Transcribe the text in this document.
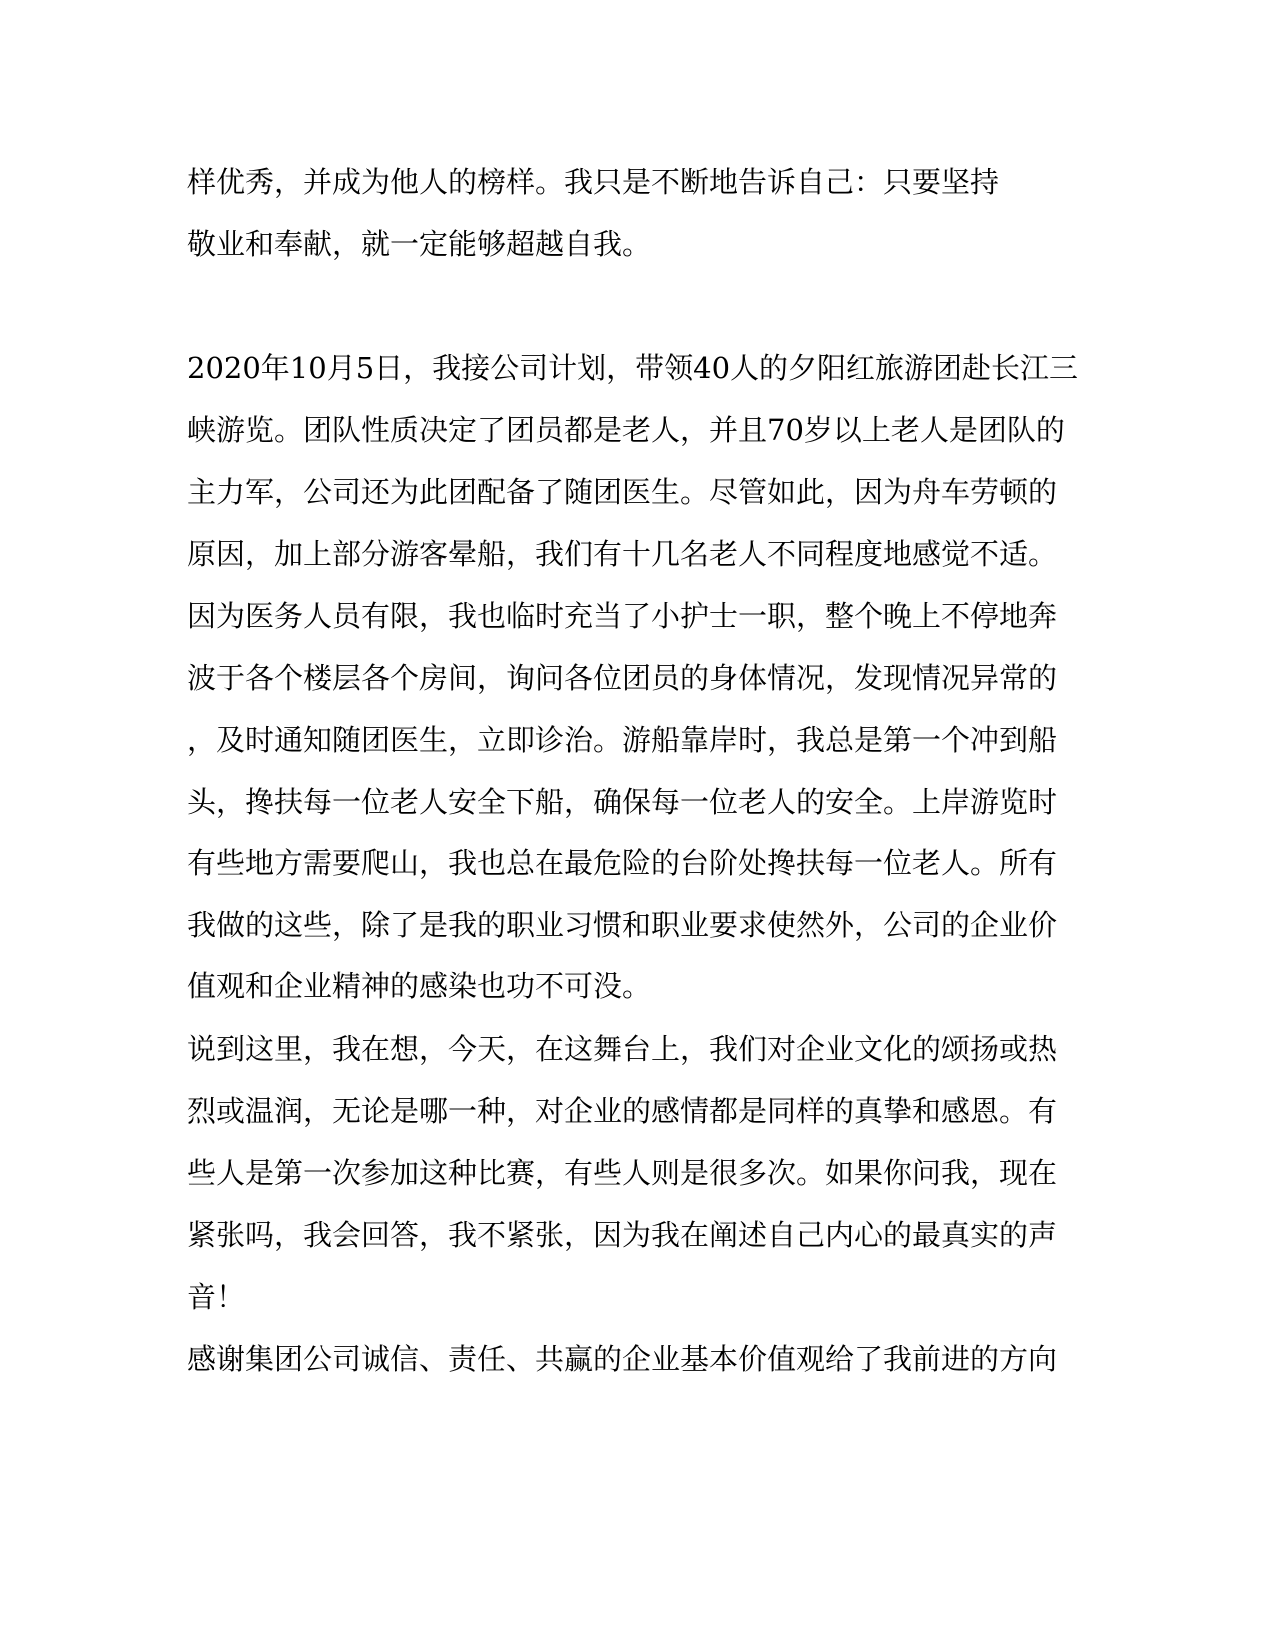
样优秀，并成为他人的榜样。我只是不断地告诉自己：只要坚持
敬业和奉献，就一定能够超越自我。
2020年10月5日，我接公司计划，带领40人的夕阳红旅游团赴长江三
峡游览。团队性质决定了团员都是老人，并且70岁以上老人是团队的
主力军，公司还为此团配备了随团医生。尽管如此，因为舟车劳顿的
原因，加上部分游客晕船，我们有十几名老人不同程度地感觉不适。
因为医务人员有限，我也临时充当了小护士一职，整个晚上不停地奔
波于各个楼层各个房间，询问各位团员的身体情况，发现情况异常的
，及时通知随团医生，立即诊治。游船靠岸时，我总是第一个冲到船
头，搀扶每一位老人安全下船，确保每一位老人的安全。上岸游览时
有些地方需要爬山，我也总在最危险的台阶处搀扶每一位老人。所有
我做的这些，除了是我的职业习惯和职业要求使然外，公司的企业价
值观和企业精神的感染也功不可没。
说到这里，我在想，今天，在这舞台上，我们对企业文化的颂扬或热
烈或温润，无论是哪一种，对企业的感情都是同样的真挚和感恩。有
些人是第一次参加这种比赛，有些人则是很多次。如果你问我，现在
紧张吗，我会回答，我不紧张，因为我在阐述自己内心的最真实的声
音！
感谢集团公司诚信、责任、共赢的企业基本价值观给了我前进的方向
